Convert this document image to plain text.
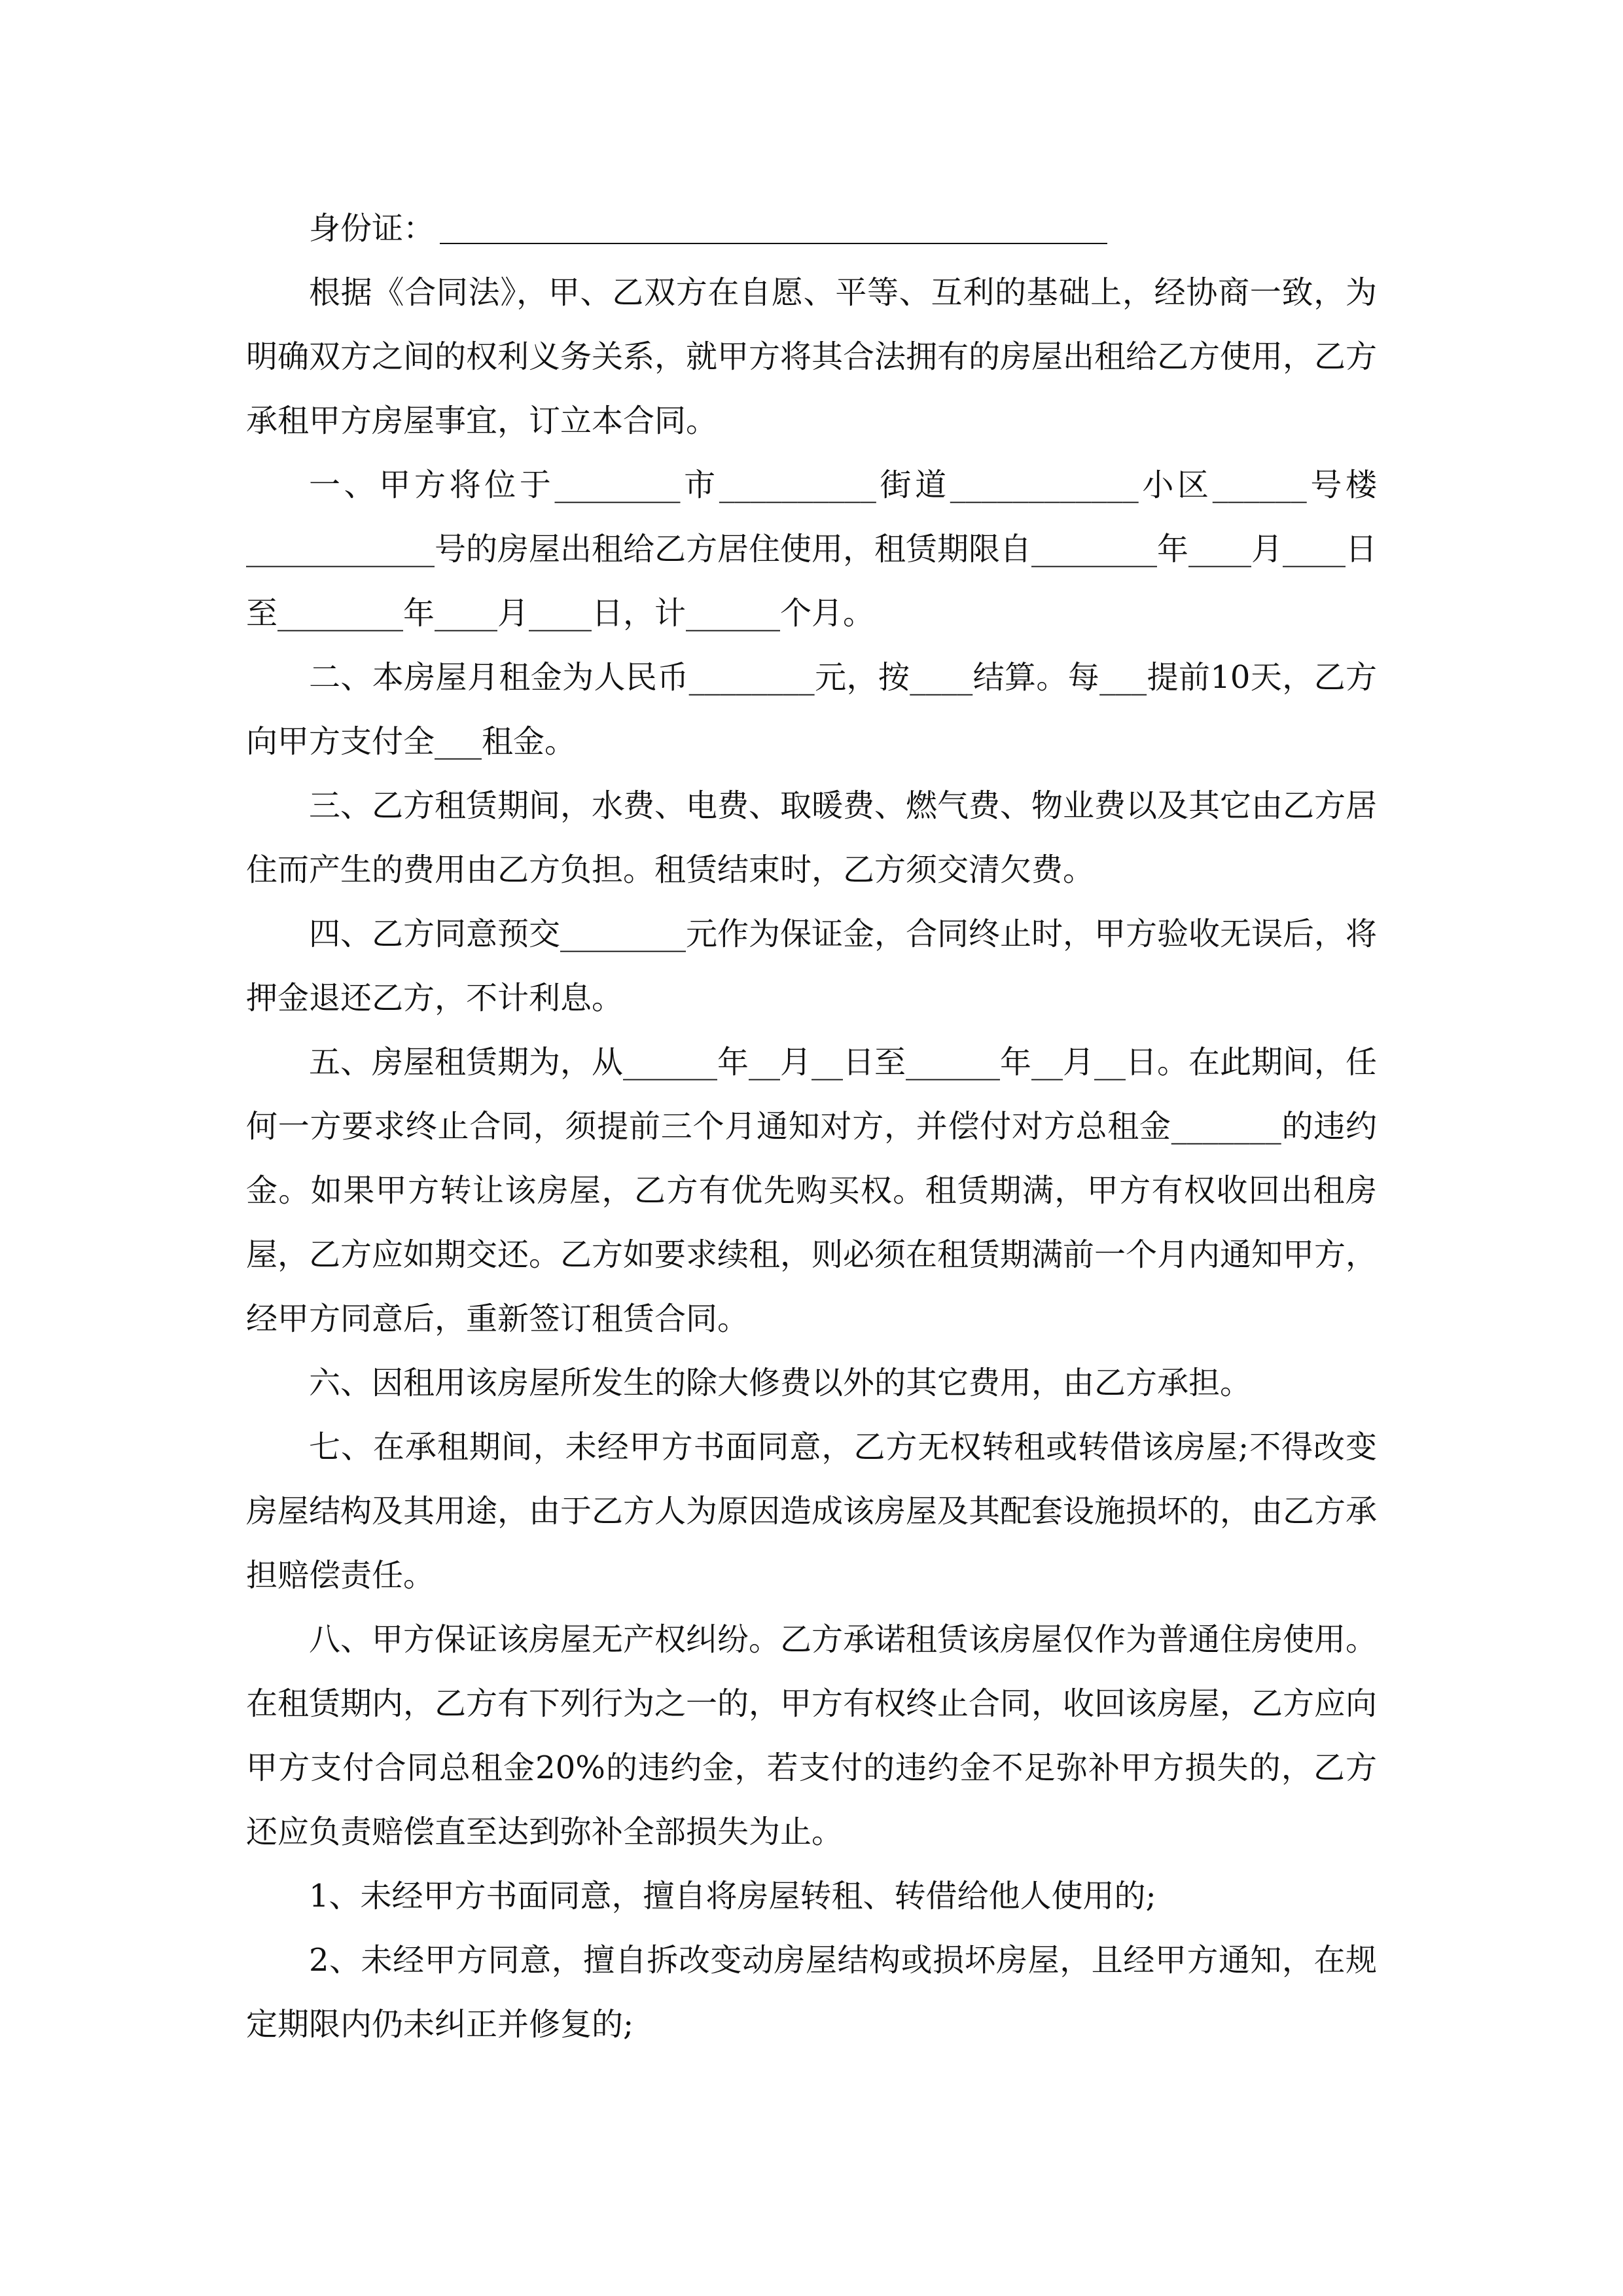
身份证：

根据《合同法》，甲、乙双方在自愿、平等、互利的基础上，经协商一致，为明确双方之间的权利义务关系，就甲方将其合法拥有的房屋出租给乙方使用，乙方承租甲方房屋事宜，订立本合同。

一、甲方将位于________市__________街道____________小区______号楼____________号的房屋出租给乙方居住使用，租赁期限自________年____月____日至________年____月____日，计______个月。

二、本房屋月租金为人民币________元，按____结算。每___提前10天，乙方向甲方支付全___租金。

三、乙方租赁期间，水费、电费、取暖费、燃气费、物业费以及其它由乙方居住而产生的费用由乙方负担。租赁结束时，乙方须交清欠费。

四、乙方同意预交________元作为保证金，合同终止时，甲方验收无误后，将押金退还乙方，不计利息。

五、房屋租赁期为，从______年__月__日至______年__月__日。在此期间，任何一方要求终止合同，须提前三个月通知对方，并偿付对方总租金_______的违约金。如果甲方转让该房屋，乙方有优先购买权。租赁期满，甲方有权收回出租房屋，乙方应如期交还。乙方如要求续租，则必须在租赁期满前一个月内通知甲方，经甲方同意后，重新签订租赁合同。

六、因租用该房屋所发生的除大修费以外的其它费用，由乙方承担。

七、在承租期间，未经甲方书面同意，乙方无权转租或转借该房屋;不得改变房屋结构及其用途，由于乙方人为原因造成该房屋及其配套设施损坏的，由乙方承担赔偿责任。

八、甲方保证该房屋无产权纠纷。乙方承诺租赁该房屋仅作为普通住房使用。在租赁期内，乙方有下列行为之一的，甲方有权终止合同，收回该房屋，乙方应向甲方支付合同总租金20%的违约金，若支付的违约金不足弥补甲方损失的，乙方还应负责赔偿直至达到弥补全部损失为止。

1、未经甲方书面同意，擅自将房屋转租、转借给他人使用的;

2、未经甲方同意，擅自拆改变动房屋结构或损坏房屋，且经甲方通知，在规定期限内仍未纠正并修复的;
